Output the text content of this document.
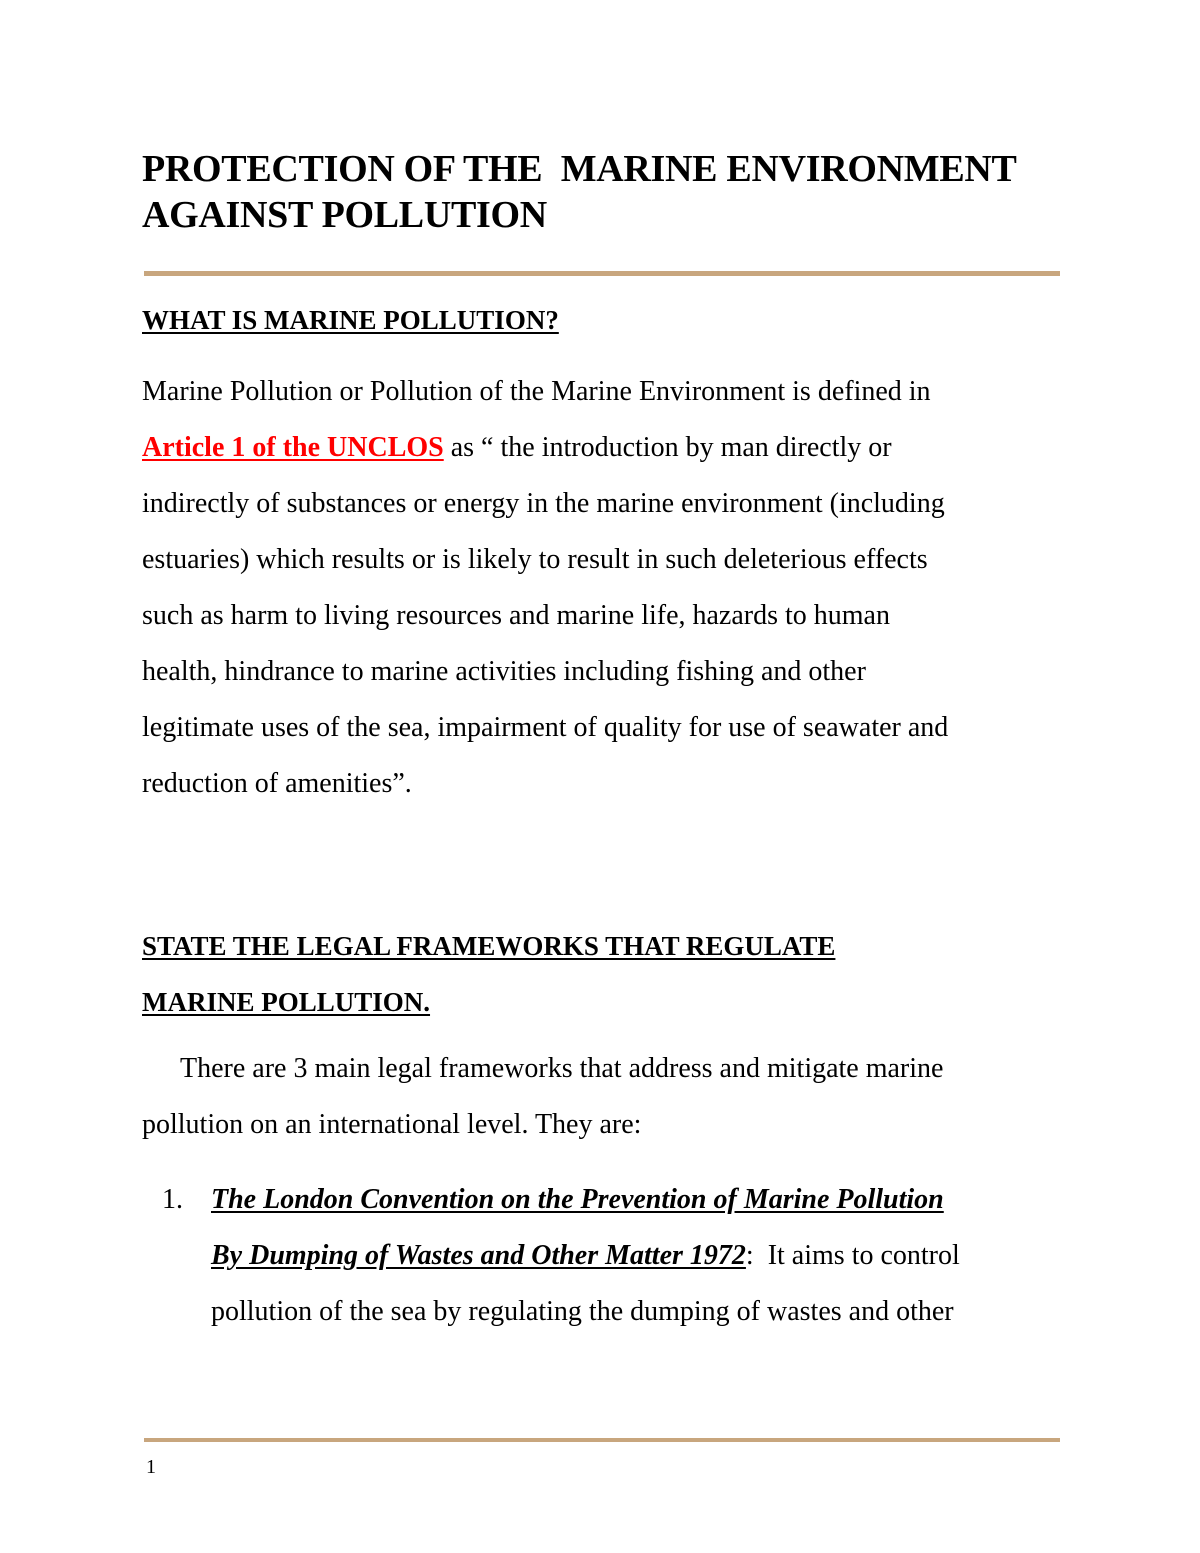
PROTECTION OF THE  MARINE ENVIRONMENT
AGAINST POLLUTION
WHAT IS MARINE POLLUTION?

Marine Pollution or Pollution of the Marine Environment is defined in

Article 1 of the UNCLOS as “ the introduction by man directly or

indirectly of substances or energy in the marine environment (including

estuaries) which results or is likely to result in such deleterious effects

such as harm to living resources and marine life, hazards to human

health, hindrance to marine activities including fishing and other

legitimate uses of the sea, impairment of quality for use of seawater and

reduction of amenities”.

STATE THE LEGAL FRAMEWORKS THAT REGULATE
MARINE POLLUTION.

There are 3 main legal frameworks that address and mitigate marine

pollution on an international level. They are:

1. The London Convention on the Prevention of Marine Pollution

By Dumping of Wastes and Other Matter 1972:  It aims to control

pollution of the sea by regulating the dumping of wastes and other

1
